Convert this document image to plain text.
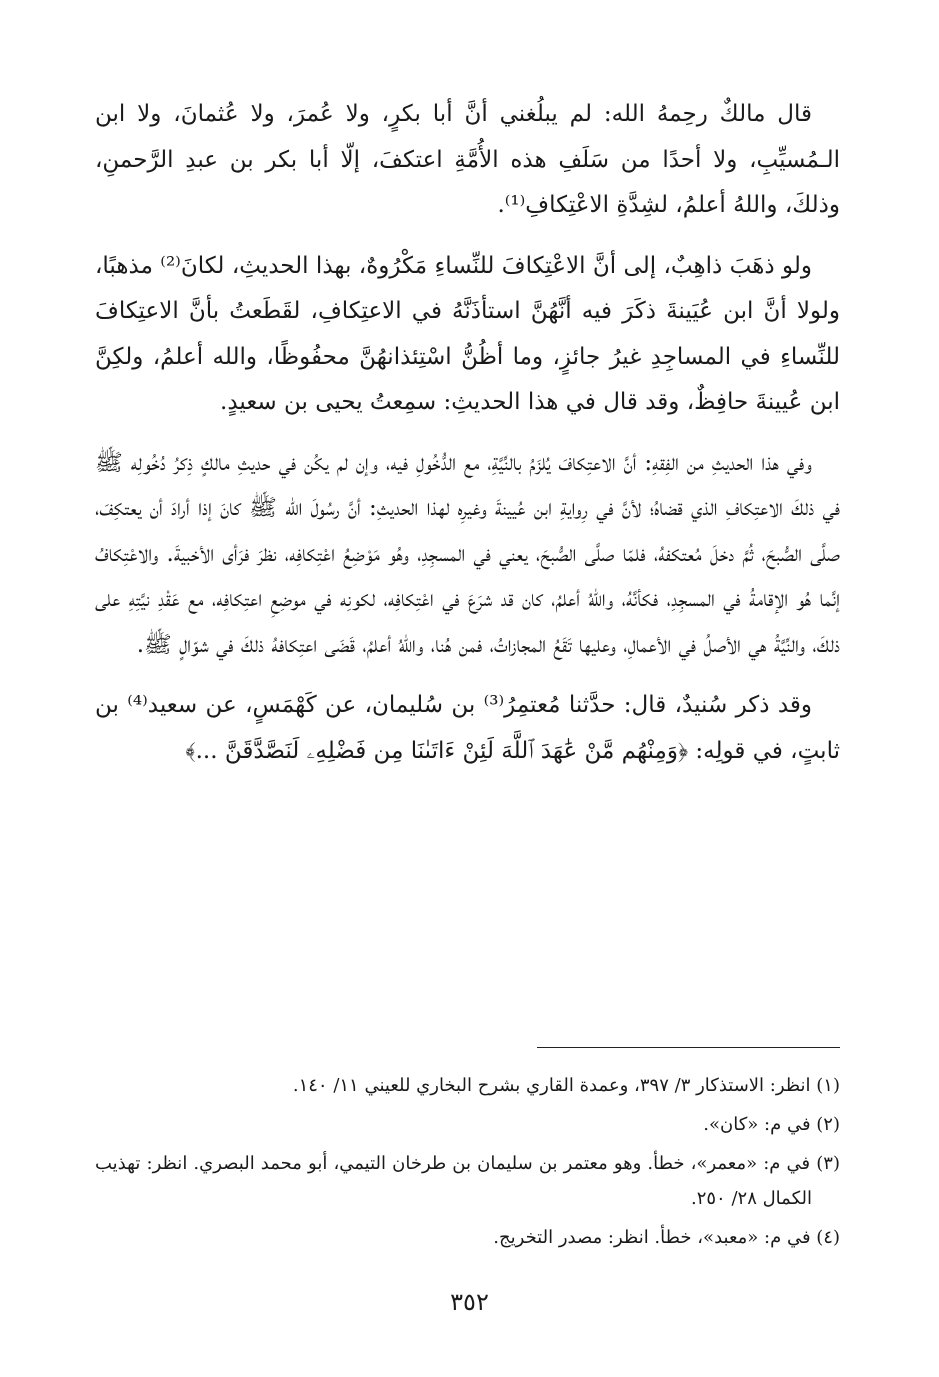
قال مالكٌ رحِمهُ الله: لم يبلُغني أنَّ أبا بكرٍ، ولا عُمرَ، ولا عُثمانَ، ولا ابن الـمُسيِّبِ، ولا أحدًا من سَلَفِ هذه الأُمَّةِ اعتكفَ، إلّا أبا بكر بن عبدِ الرَّحمنِ، وذلكَ، واللهُ أعلمُ، لشِدَّةِ الاعْتِكافِ⁽¹⁾.

ولو ذهَبَ ذاهِبٌ، إلى أنَّ الاعْتِكافَ للنِّساءِ مَكْرُوهٌ، بهذا الحديثِ، لكانَ⁽²⁾ مذهبًا، ولولا أنَّ ابن عُيَينةَ ذكَرَ فيه أنَّهُنَّ استأذَنَّهُ في الاعتِكافِ، لقَطَعتُ بأنَّ الاعتِكافَ للنِّساءِ في المساجِدِ غيرُ جائزٍ، وما أظُنُّ اسْتِئذانهُنَّ محفُوظًا، والله أعلمُ، ولكِنَّ ابن عُيينةَ حافِظٌ، وقد قال في هذا الحديثِ: سمِعتُ يحيى بن سعيدٍ.

وفي هذا الحديثِ من الفِقهِ: أنَّ الاعتِكافَ يُلزَمُ بالنِّيَّةِ، مع الدُّخُولِ فيه، وإن لم يكُن في حديثِ مالكٍ ذِكرُ دُخُولِه ﷺ في ذلكَ الاعتِكافِ الذي قضاهُ؛ لأنَّ في رِوايةِ ابن عُيينةَ وغيرِه لهذا الحديثِ: أنَّ رسُولَ الله ﷺ كانَ إذا أرادَ أن يعتكِفَ، صلَّى الصُّبحَ، ثُمَّ دخلَ مُعتكفهُ، فلمّا صلَّى الصُّبحَ، يعني في المسجِدِ، وهُو مَوْضِعُ اعْتِكافِه، نظرَ فرَأى الأخبيةَ. والاعْتِكافُ إنَّما هُو الإقامةُ في المسجِدِ، فكأنَّهُ، واللهُ أعلمُ، كان قد شرَعَ في اعْتِكافِه، لكونِه في موضِعِ اعتِكافِه، مع عَقْدِ نيَّتِهِ على ذلكَ، والنِّيَّةُ هي الأصلُ في الأعمالِ، وعليها تَقَعُ المجازاتُ، فمن هُنا، واللهُ أعلمُ، قَضَى اعتِكافهُ ذلكَ في شوّالٍ ﷺ.

وقد ذكر سُنيدٌ، قال: حدَّثنا مُعتمِرُ⁽³⁾ بن سُليمان، عن كَهْمَسٍ، عن سعيد⁽⁴⁾ بن ثابتٍ، في قولِه: ﴿وَمِنْهُم مَّنْ عَٰهَدَ ٱللَّهَ لَئِنْ ءَاتَىٰنَا مِن فَضْلِهِۦ لَنَصَّدَّقَنَّ ...﴾

(١) انظر: الاستذكار ٣/ ٣٩٧، وعمدة القاري بشرح البخاري للعيني ١١/ ١٤٠.

(٢) في م: «كان».

(٣) في م: «معمر»، خطأ. وهو معتمر بن سليمان بن طرخان التيمي، أبو محمد البصري. انظر: تهذيب الكمال ٢٨/ ٢٥٠.

(٤) في م: «معبد»، خطأ. انظر: مصدر التخريج.

٣٥٢
